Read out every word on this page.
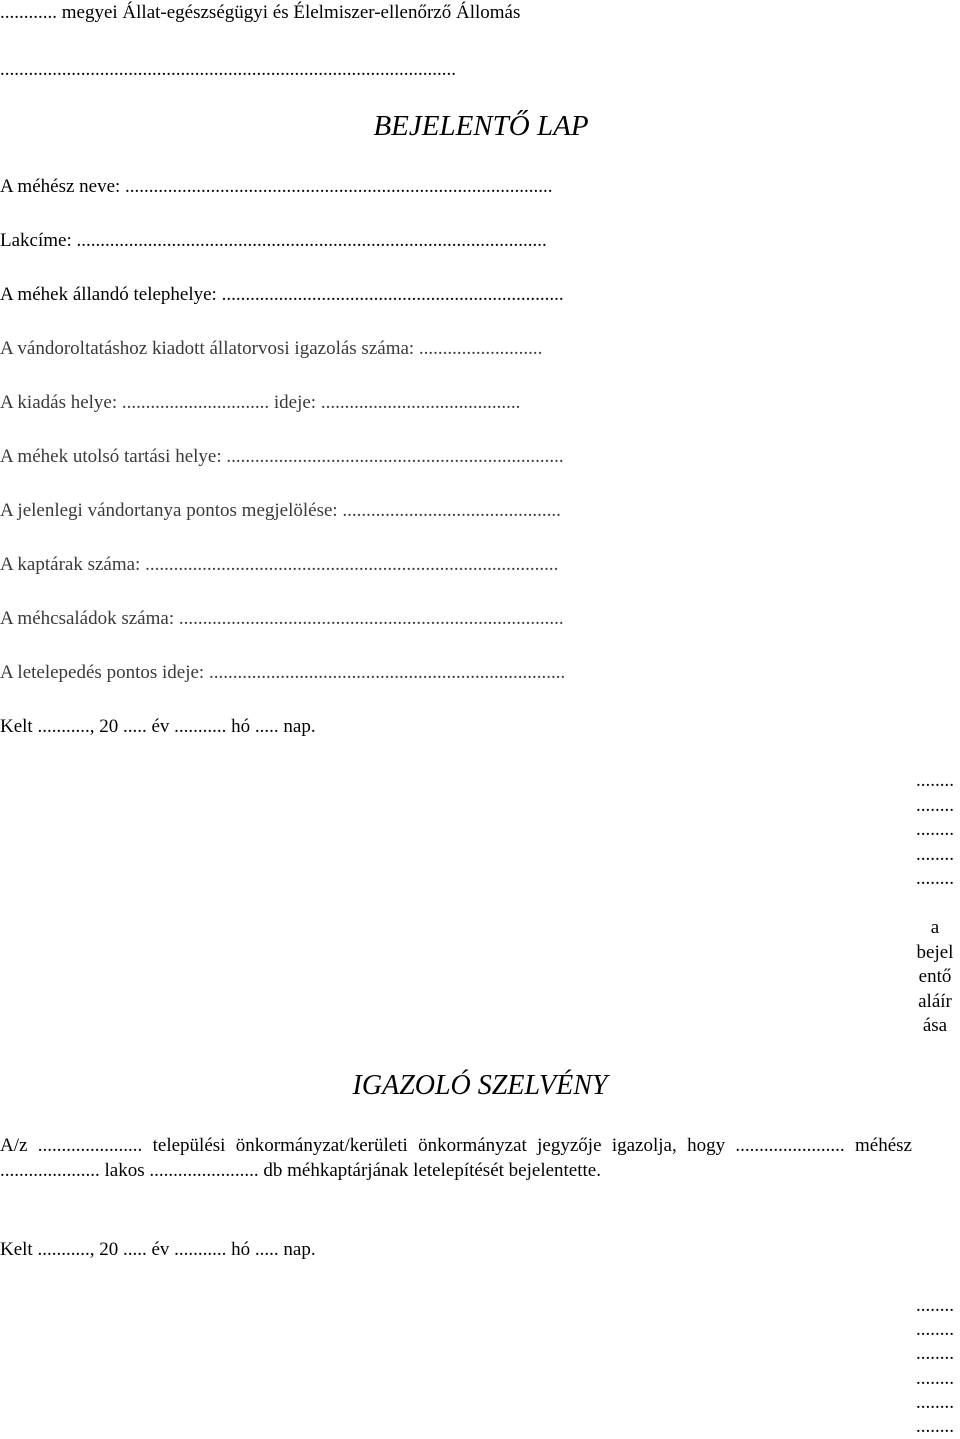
............ megyei Állat-egészségügyi és Élelmiszer-ellenőrző Állomás
................................................................................................
BEJELENTŐ LAP
A méhész neve: ..........................................................................................
Lakcíme: ...................................................................................................
A méhek állandó telephelye: ........................................................................
A vándoroltatáshoz kiadott állatorvosi igazolás száma: ..........................
A kiadás helye: ............................... ideje: ..........................................
A méhek utolsó tartási helye: .......................................................................
A jelenlegi vándortanya pontos megjelölése: ..............................................
A kaptárak száma: .......................................................................................
A méhcsaládok száma: .................................................................................
A letelepedés pontos ideje: ...........................................................................
Kelt ..........., 20 ..... év ........... hó ..... nap.
........
........
........
........
........
a
bejel
entő
aláír
ása
IGAZOLÓ SZELVÉNY
A/z ...................... települési önkormányzat/kerületi önkormányzat jegyzője igazolja, hogy ....................... méhész ..................... lakos ....................... db méhkaptárjának letelepítését bejelentette.
Kelt ..........., 20 ..... év ........... hó ..... nap.
........
........
........
........
........
........
